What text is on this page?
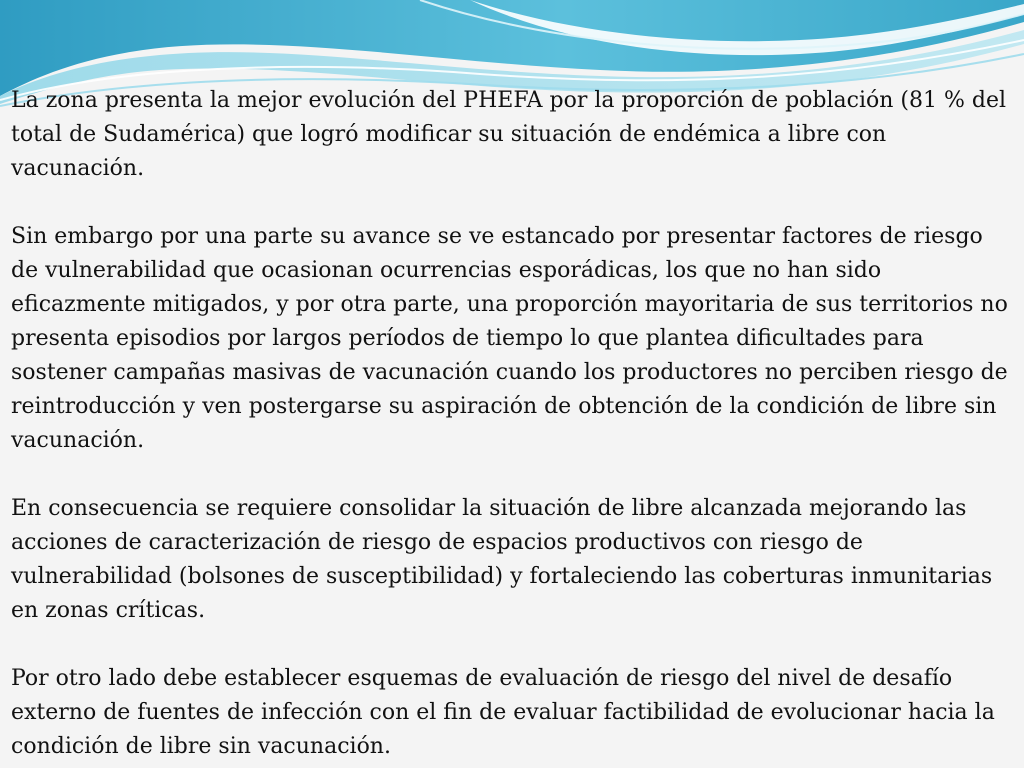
La zona presenta la mejor evolución del PHEFA por la proporción de población (81 % del total de Sudamérica) que logró modificar su situación de endémica a libre con vacunación.

Sin embargo por una parte su avance se ve estancado por presentar factores de riesgo de vulnerabilidad que ocasionan ocurrencias esporádicas, los que no han sido eficazmente mitigados, y por otra parte, una proporción mayoritaria de sus territorios no presenta episodios por largos períodos de tiempo lo que plantea dificultades para sostener campañas masivas de vacunación cuando los productores no perciben riesgo de reintroducción y ven postergarse su aspiración de obtención de la condición de libre sin vacunación.

En consecuencia se requiere consolidar la situación de libre alcanzada mejorando las acciones de caracterización de riesgo de espacios productivos con riesgo de vulnerabilidad (bolsones de susceptibilidad) y fortaleciendo las coberturas inmunitarias en zonas críticas.

Por otro lado debe establecer esquemas de evaluación de riesgo del nivel de desafío externo de fuentes de infección con el fin de evaluar factibilidad de evolucionar hacia la condición de libre sin vacunación.
